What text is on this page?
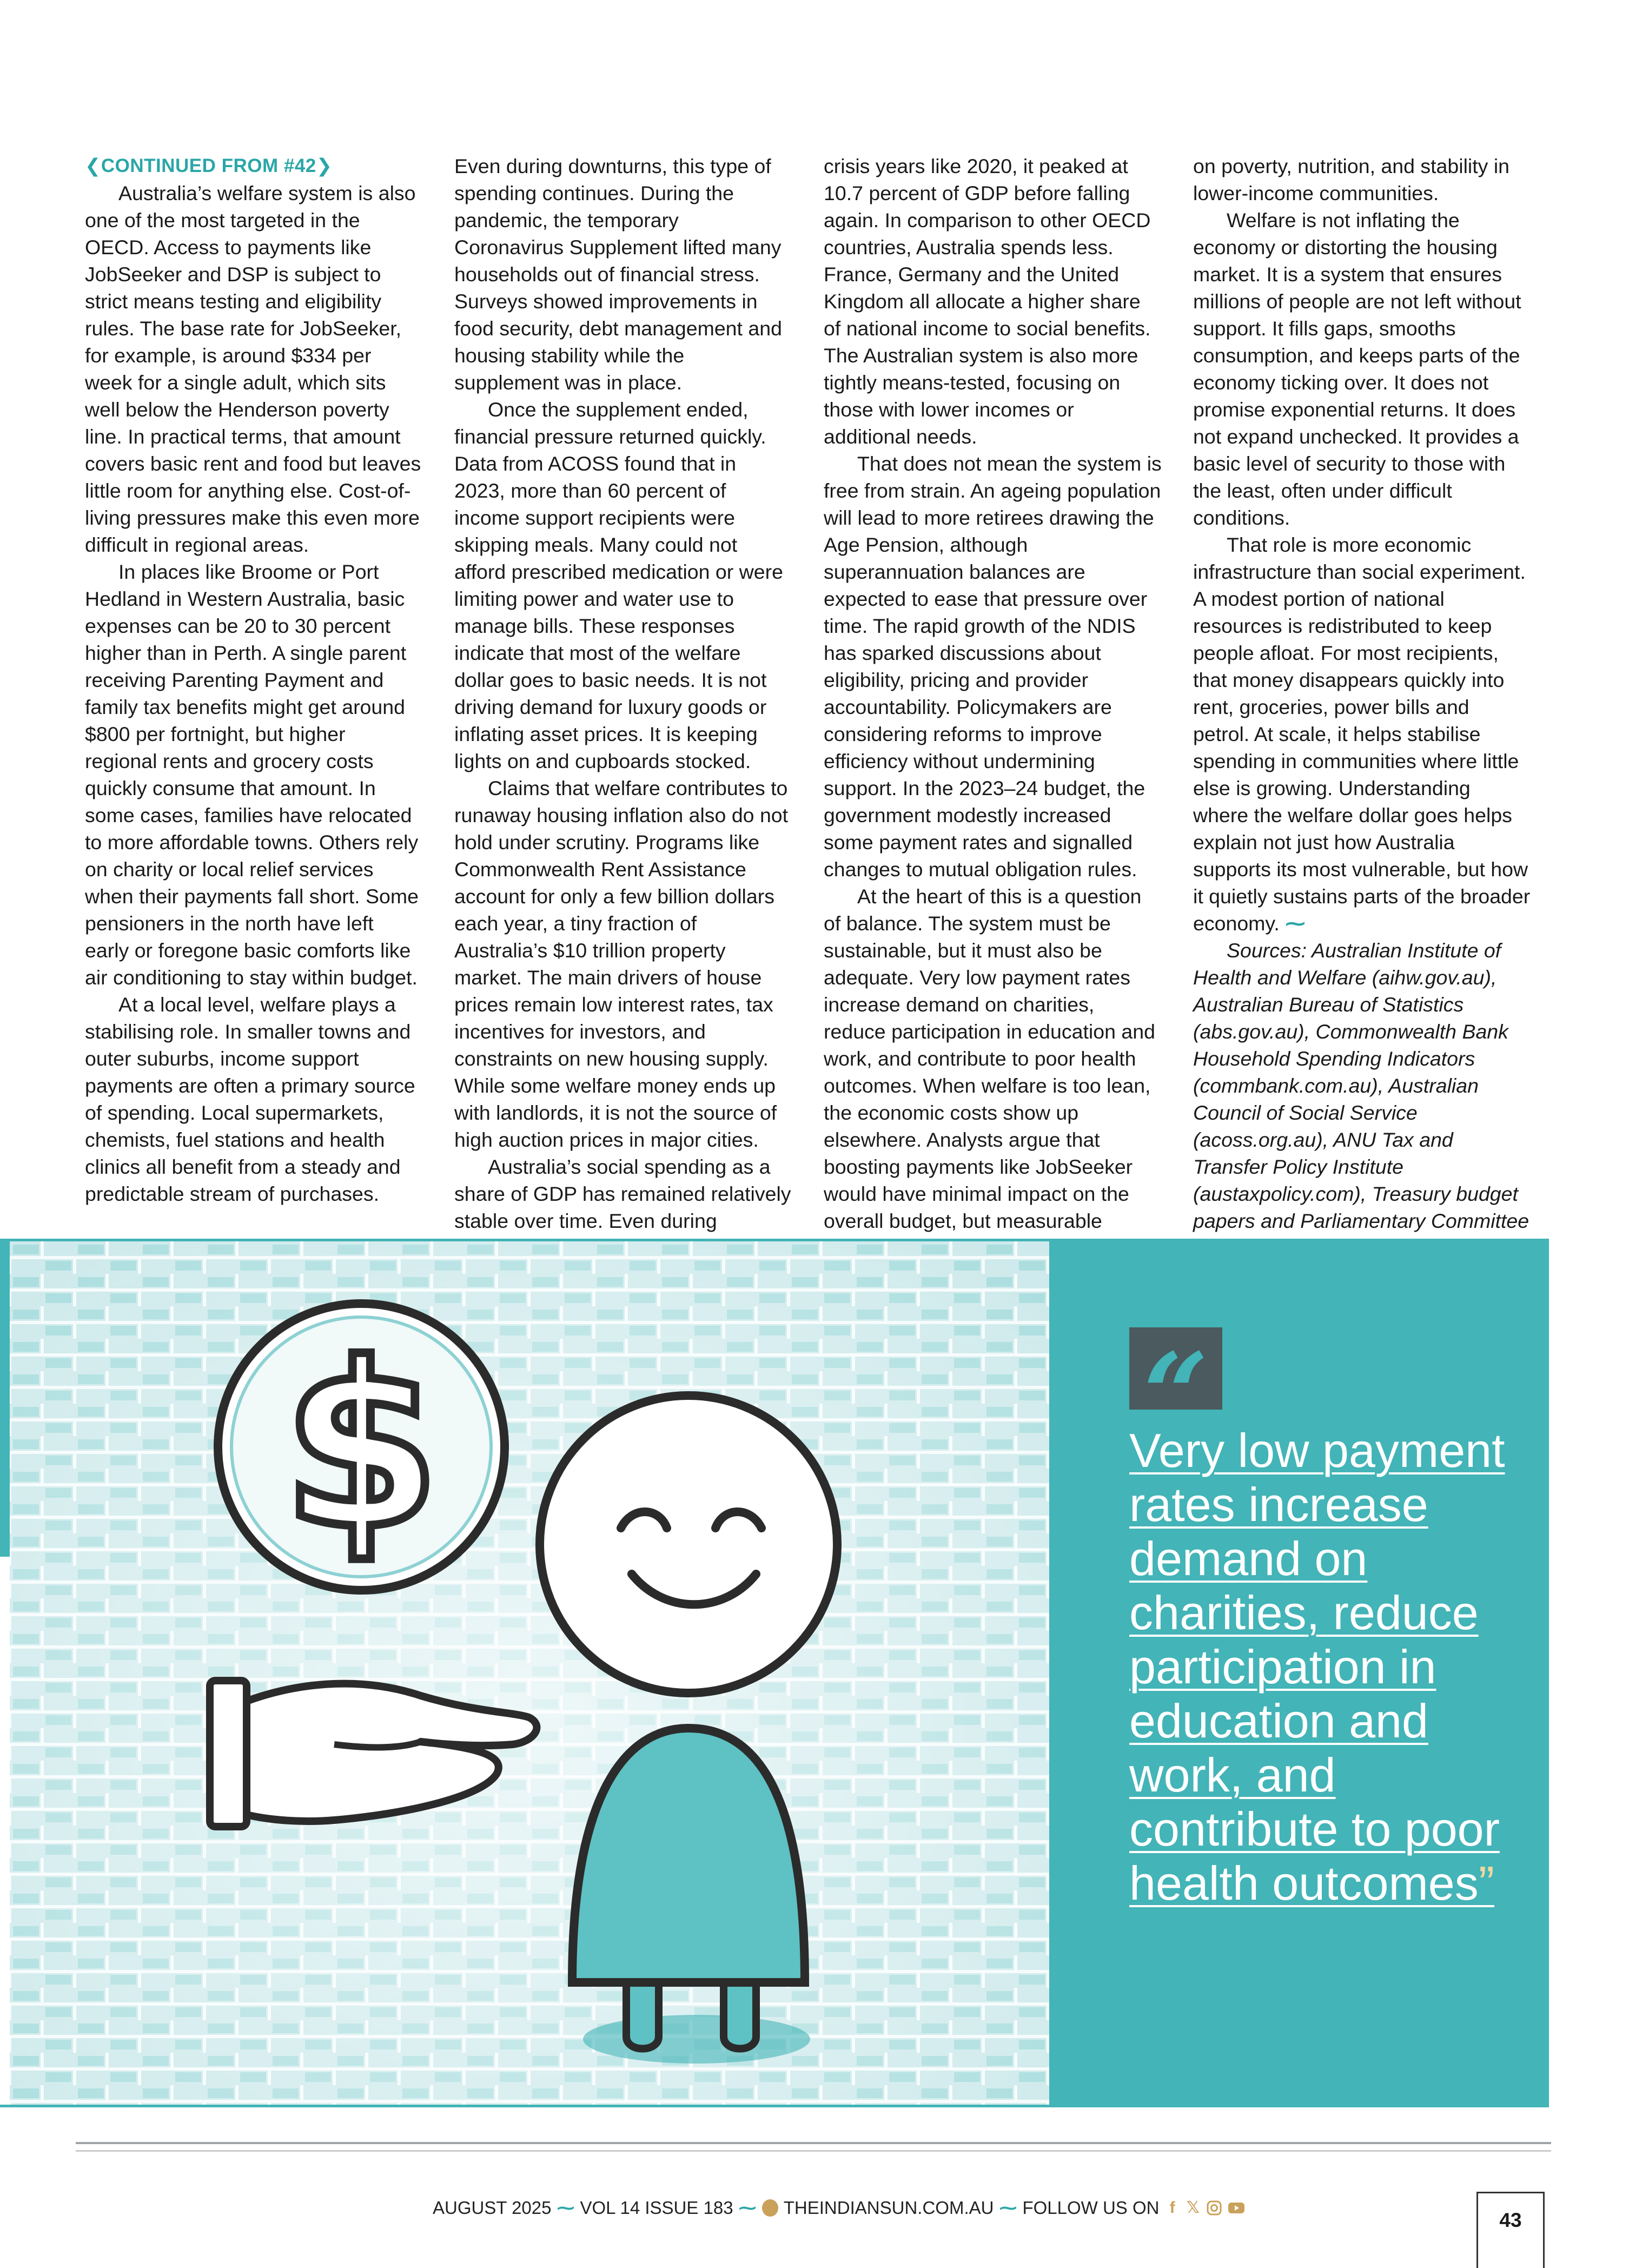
❮CONTINUED FROM #42❯

Australia’s welfare system is also one of the most targeted in the OECD. Access to payments like JobSeeker and DSP is subject to strict means testing and eligibility rules. The base rate for JobSeeker, for example, is around $334 per week for a single adult, which sits well below the Henderson poverty line. In practical terms, that amount covers basic rent and food but leaves little room for anything else. Cost-of-living pressures make this even more difficult in regional areas.

In places like Broome or Port Hedland in Western Australia, basic expenses can be 20 to 30 percent higher than in Perth. A single parent receiving Parenting Payment and family tax benefits might get around $800 per fortnight, but higher regional rents and grocery costs quickly consume that amount. In some cases, families have relocated to more affordable towns. Others rely on charity or local relief services when their payments fall short. Some pensioners in the north have left early or foregone basic comforts like air conditioning to stay within budget.

At a local level, welfare plays a stabilising role. In smaller towns and outer suburbs, income support payments are often a primary source of spending. Local supermarkets, chemists, fuel stations and health clinics all benefit from a steady and predictable stream of purchases.

Even during downturns, this type of spending continues. During the pandemic, the temporary Coronavirus Supplement lifted many households out of financial stress. Surveys showed improvements in food security, debt management and housing stability while the supplement was in place.

Once the supplement ended, financial pressure returned quickly. Data from ACOSS found that in 2023, more than 60 percent of income support recipients were skipping meals. Many could not afford prescribed medication or were limiting power and water use to manage bills. These responses indicate that most of the welfare dollar goes to basic needs. It is not driving demand for luxury goods or inflating asset prices. It is keeping lights on and cupboards stocked.

Claims that welfare contributes to runaway housing inflation also do not hold under scrutiny. Programs like Commonwealth Rent Assistance account for only a few billion dollars each year, a tiny fraction of Australia’s $10 trillion property market. The main drivers of house prices remain low interest rates, tax incentives for investors, and constraints on new housing supply. While some welfare money ends up with landlords, it is not the source of high auction prices in major cities.

Australia’s social spending as a share of GDP has remained relatively stable over time. Even during

crisis years like 2020, it peaked at 10.7 percent of GDP before falling again. In comparison to other OECD countries, Australia spends less. France, Germany and the United Kingdom all allocate a higher share of national income to social benefits. The Australian system is also more tightly means-tested, focusing on those with lower incomes or additional needs.

That does not mean the system is free from strain. An ageing population will lead to more retirees drawing the Age Pension, although superannuation balances are expected to ease that pressure over time. The rapid growth of the NDIS has sparked discussions about eligibility, pricing and provider accountability. Policymakers are considering reforms to improve efficiency without undermining support. In the 2023–24 budget, the government modestly increased some payment rates and signalled changes to mutual obligation rules.

At the heart of this is a question of balance. The system must be sustainable, but it must also be adequate. Very low payment rates increase demand on charities, reduce participation in education and work, and contribute to poor health outcomes. When welfare is too lean, the economic costs show up elsewhere. Analysts argue that boosting payments like JobSeeker would have minimal impact on the overall budget, but measurable

on poverty, nutrition, and stability in lower-income communities.

Welfare is not inflating the economy or distorting the housing market. It is a system that ensures millions of people are not left without support. It fills gaps, smooths consumption, and keeps parts of the economy ticking over. It does not promise exponential returns. It does not expand unchecked. It provides a basic level of security to those with the least, often under difficult conditions.

That role is more economic infrastructure than social experiment. A modest portion of national resources is redistributed to keep people afloat. For most recipients, that money disappears quickly into rent, groceries, power bills and petrol. At scale, it helps stabilise spending in communities where little else is growing. Understanding where the welfare dollar goes helps explain not just how Australia supports its most vulnerable, but how it quietly sustains parts of the broader economy. ⁓

Sources: Australian Institute of Health and Welfare (aihw.gov.au), Australian Bureau of Statistics (abs.gov.au), Commonwealth Bank Household Spending Indicators (commbank.com.au), Australian Council of Social Service (acoss.org.au), ANU Tax and Transfer Policy Institute (austaxpolicy.com), Treasury budget papers and Parliamentary Committee

$	“
Very low payment rates increase demand on charities, reduce participation in education and work, and contribute to poor health outcomes”
AUGUST 2025 ⁓ VOL 14 ISSUE 183 ⁓ THEINDIANSUN.COM.AU ⁓ FOLLOW US ON f 𝕏
43
